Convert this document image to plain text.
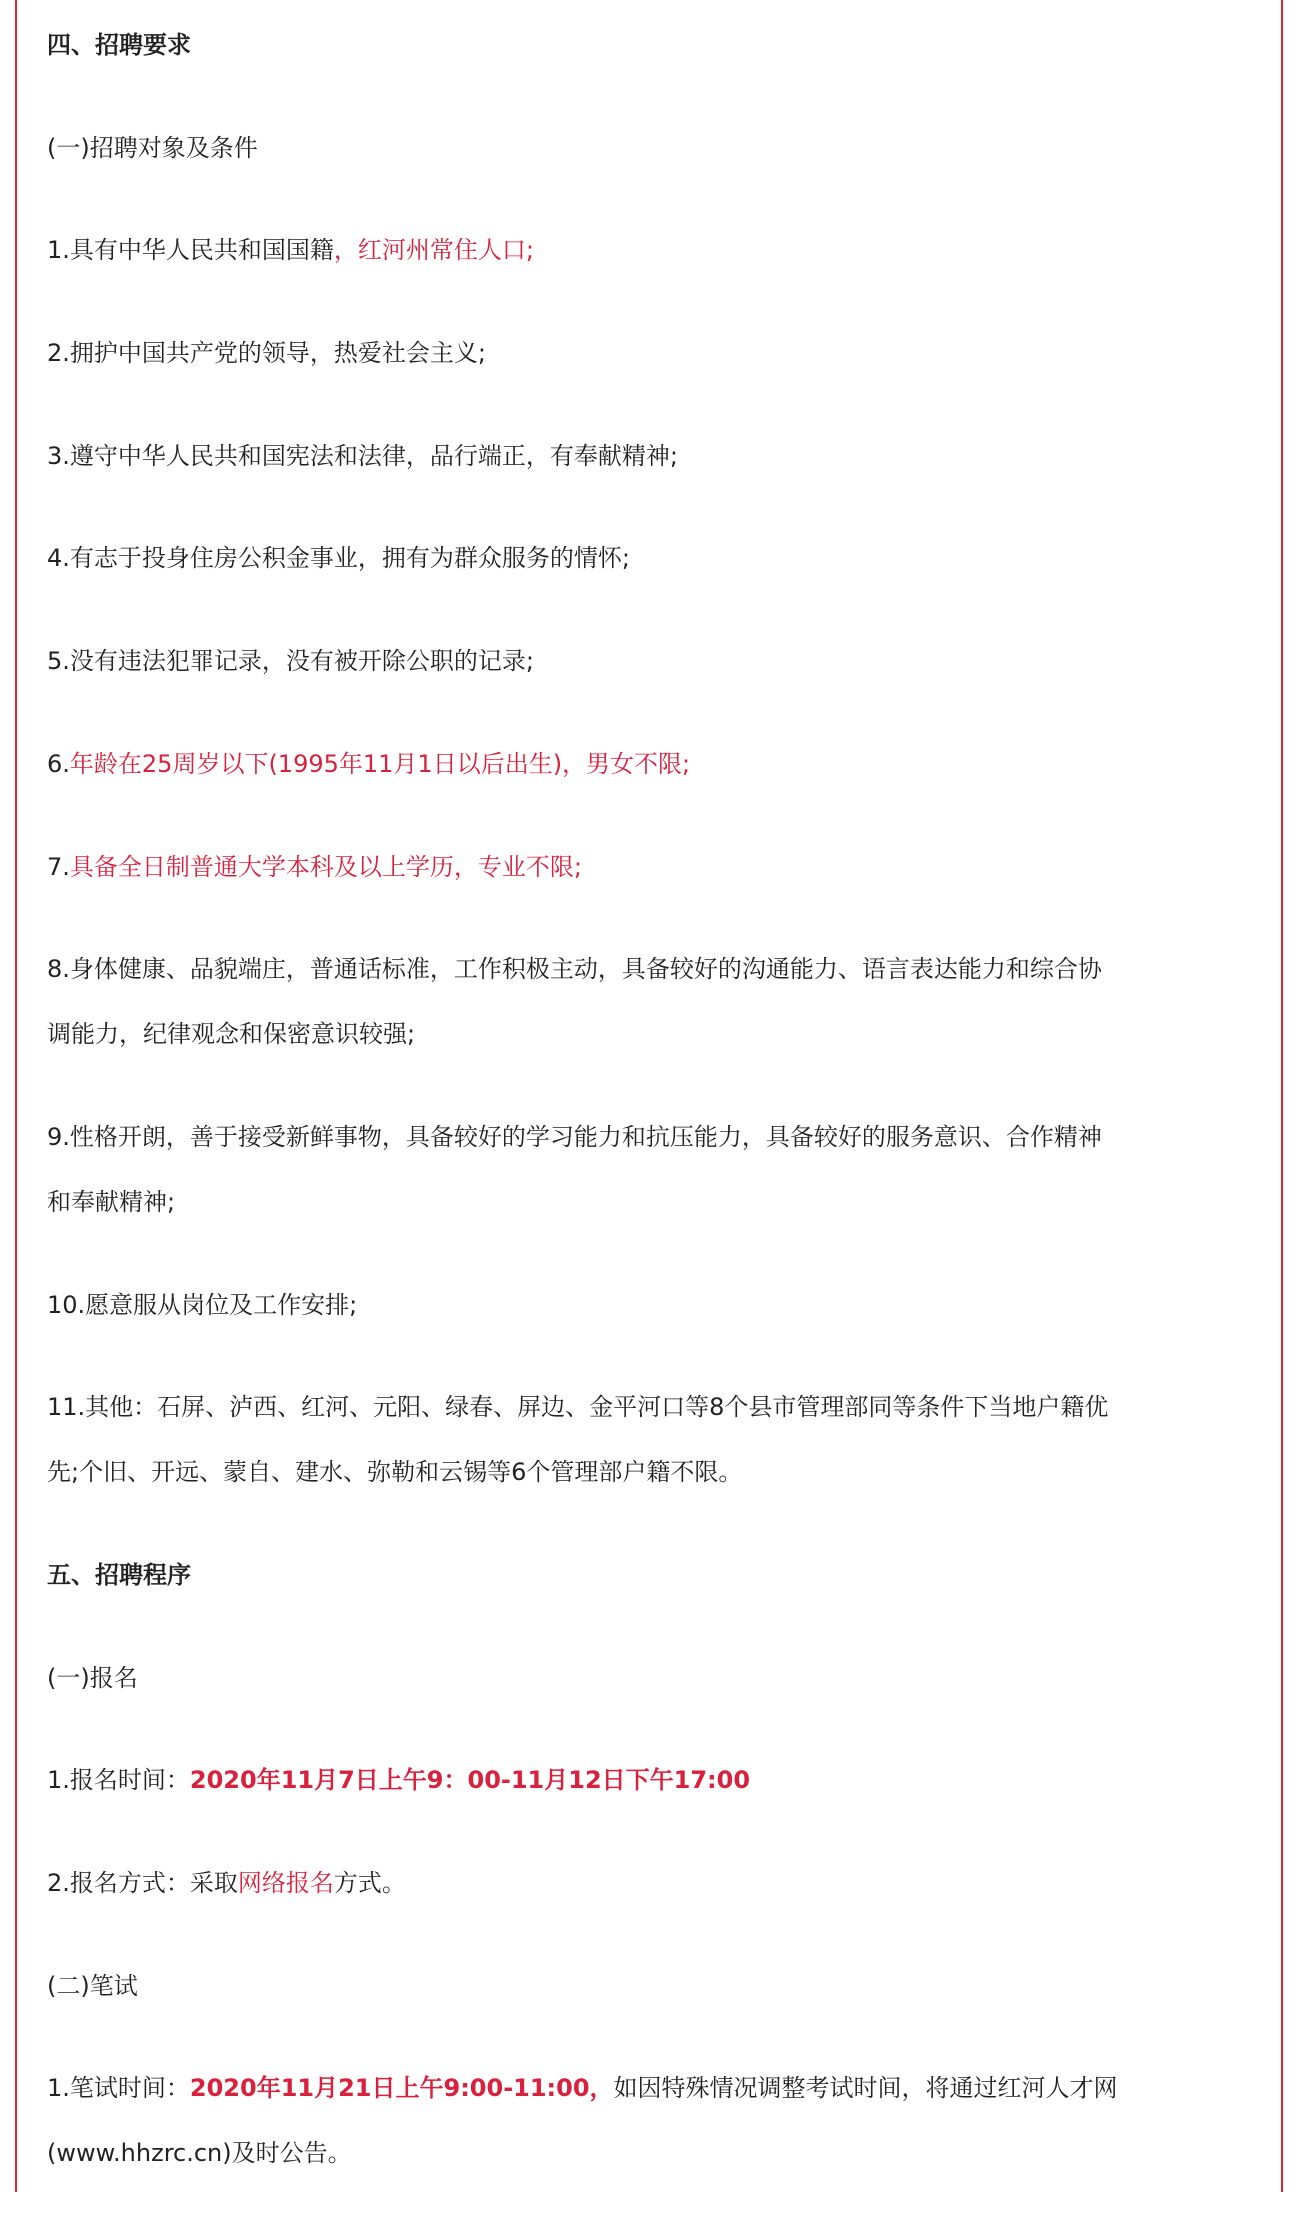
四、招聘要求

(一)招聘对象及条件

1.具有中华人民共和国国籍，红河州常住人口;

2.拥护中国共产党的领导，热爱社会主义;

3.遵守中华人民共和国宪法和法律，品行端正，有奉献精神;

4.有志于投身住房公积金事业，拥有为群众服务的情怀;

5.没有违法犯罪记录，没有被开除公职的记录;

6.年龄在25周岁以下(1995年11月1日以后出生)，男女不限;

7.具备全日制普通大学本科及以上学历，专业不限;

8.身体健康、品貌端庄，普通话标准，工作积极主动，具备较好的沟通能力、语言表达能力和综合协
调能力，纪律观念和保密意识较强;

9.性格开朗，善于接受新鲜事物，具备较好的学习能力和抗压能力，具备较好的服务意识、合作精神
和奉献精神;

10.愿意服从岗位及工作安排;

11.其他：石屏、泸西、红河、元阳、绿春、屏边、金平河口等8个县市管理部同等条件下当地户籍优
先;个旧、开远、蒙自、建水、弥勒和云锡等6个管理部户籍不限。

五、招聘程序

(一)报名

1.报名时间：2020年11月7日上午9：00-11月12日下午17:00

2.报名方式：采取网络报名方式。

(二)笔试

1.笔试时间：2020年11月21日上午9:00-11:00，如因特殊情况调整考试时间，将通过红河人才网
(www.hhzrc.cn)及时公告。
